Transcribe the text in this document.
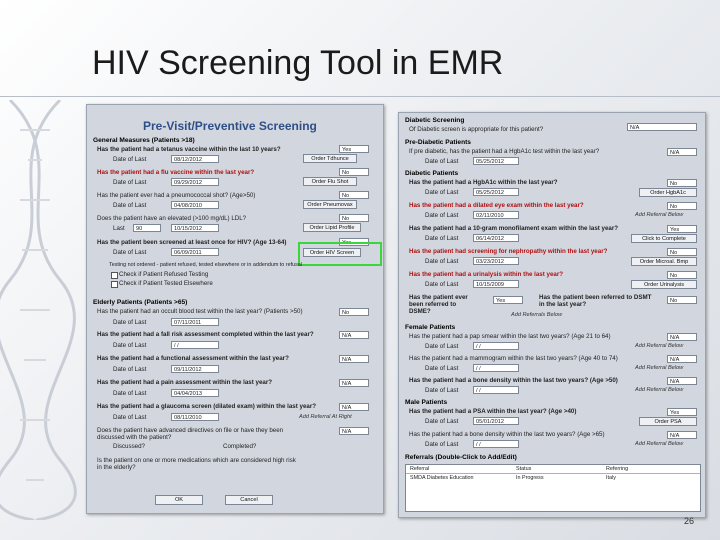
HIV Screening Tool in EMR
Pre-Visit/Preventive Screening
General Measures (Patients >18)
Has the patient had a tetanus vaccine within the last 10 years?	Yes
Date of Last	08/12/2012	Order Tdhunce
Has the patient had a flu vaccine within the last year?	No
Date of Last	09/29/2012	Order Flu Shot
Has the patient ever had a pneumococcal shot? (Age>50)	No
Date of Last	04/08/2010	Order Pneumovax
Does the patient have an elevated (>100 mg/dL) LDL?	No
Last	90	10/15/2012	Order Lipid Profile
Has the patient been screened at least once for HIV? (Age 13-64)	Yes
Date of Last	06/09/2011	Order HIV Screen
Testing not ordered - patient refused, tested elsewhere or in addendum to refusal
Check if Patient Refused Testing
Check if Patient Tested Elsewhere
Elderly Patients (Patients >65)
Has the patient had an occult blood test within the last year? (Patients >50)	No
Date of Last	07/11/2011
Has the patient had a fall risk assessment completed within the last year?	N/A
Date of Last	/ /
Has the patient had a functional assessment within the last year?	N/A
Date of Last	09/11/2012
Has the patient had a pain assessment within the last year?	N/A
Date of Last	04/04/2013
Has the patient had a glaucoma screen (dilated exam) within the last year?	N/A
Date of Last	08/11/2010	Add Referral At Right
Does the patient have advanced directives on file or have they been discussed with the patient?
N/A
Discussed?	Completed?
Is the patient on one or more medications which are considered high risk in the elderly?
OK	Cancel
Diabetic Screening
Of Diabetic screen is appropriate for this patient?	N/A
Pre-Diabetic Patients
If pre diabetic, has the patient had a HgbA1c test within the last year?	N/A
Date of Last	05/25/2012
Diabetic Patients
Has the patient had a HgbA1c within the last year?	No
Date of Last	05/25/2012	Order HgbA1c
Has the patient had a dilated eye exam within the last year?	No
Date of Last	02/11/2010	Add Referral Below
Has the patient had a 10-gram monofilament exam within the last year?	Yes
Date of Last	06/14/2012	Click to Complete
Has the patient had screening for nephropathy within the last year?	No
Date of Last	03/23/2012	Order Microal. Bmp
Has the patient had a urinalysis within the last year?	No
Date of Last	10/15/2009	Order Urinalysis
Has the patient ever been referred to DSME?
Yes	Has the patient been referred to DSMT in the last year?	No
Add Referrals Below
Female Patients
Has the patient had a pap smear within the last two years? (Age 21 to 64)	N/A
Date of Last	/ /	Add Referral Below
Has the patient had a mammogram within the last two years? (Age 40 to 74)	N/A
Date of Last	/ /	Add Referral Below
Has the patient had a bone density within the last two years? (Age >50)	N/A
Date of Last	/ /	Add Referral Below
Male Patients
Has the patient had a PSA within the last year? (Age >40)	Yes
Date of Last	05/01/2012	Order PSA
Has the patient had a bone density within the last two years? (Age >65)	N/A
Date of Last	/ /	Add Referral Below
Referrals (Double-Click to Add/Edit)
Referral	Status	Referring
SMDA Diabetes Education	In Progress	Italy
26
